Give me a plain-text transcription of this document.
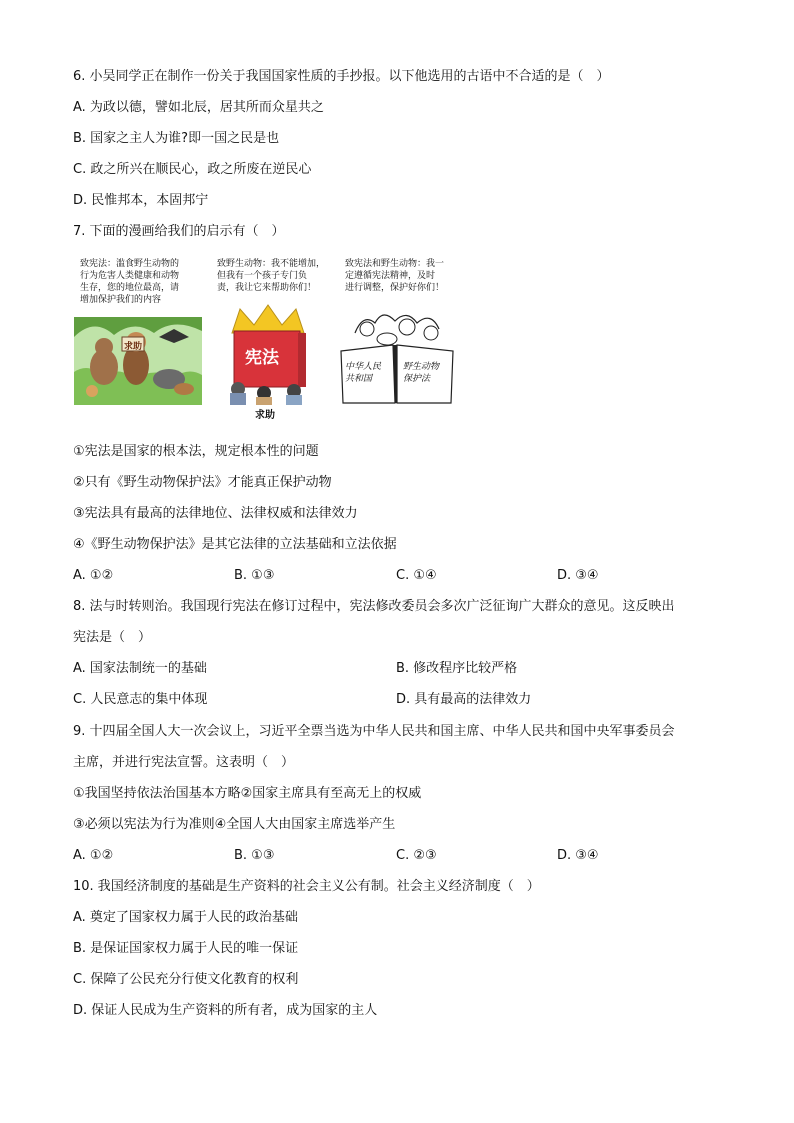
6. 小吴同学正在制作一份关于我国国家性质的手抄报。以下他选用的古语中不合适的是（　）
A. 为政以德，譬如北辰，居其所而众星共之
B. 国家之主人为谁?即一国之民是也
C. 政之所兴在顺民心，政之所废在逆民心
D. 民惟邦本，本固邦宁
7. 下面的漫画给我们的启示有（　）
致宪法：滥食野生动物的
行为危害人类健康和动物
生存，您的地位最高，请
增加保护我们的内容
致野生动物：我不能增加，
但我有一个孩子专门负
责，我让它来帮助你们！
致宪法和野生动物：我一
定遵循宪法精神，及时
进行调整，保护好你们！
求助
宪法
求助
中华人民
共和国
野生动物
保护法
①宪法是国家的根本法，规定根本性的问题
②只有《野生动物保护法》才能真正保护动物
③宪法具有最高的法律地位、法律权威和法律效力
④《野生动物保护法》是其它法律的立法基础和立法依据
A. ①②	B. ①③	C. ①④	D. ③④
8. 法与时转则治。我国现行宪法在修订过程中，宪法修改委员会多次广泛征询广大群众的意见。这反映出
宪法是（　）
A. 国家法制统一的基础	B. 修改程序比较严格
C. 人民意志的集中体现	D. 具有最高的法律效力
9. 十四届全国人大一次会议上，习近平全票当选为中华人民共和国主席、中华人民共和国中央军事委员会
主席，并进行宪法宣誓。这表明（　）
①我国坚持依法治国基本方略②国家主席具有至高无上的权威
③必须以宪法为行为准则④全国人大由国家主席选举产生
A. ①②	B. ①③	C. ②③	D. ③④
10. 我国经济制度的基础是生产资料的社会主义公有制。社会主义经济制度（　）
A. 奠定了国家权力属于人民的政治基础
B. 是保证国家权力属于人民的唯一保证
C. 保障了公民充分行使文化教育的权利
D. 保证人民成为生产资料的所有者，成为国家的主人
